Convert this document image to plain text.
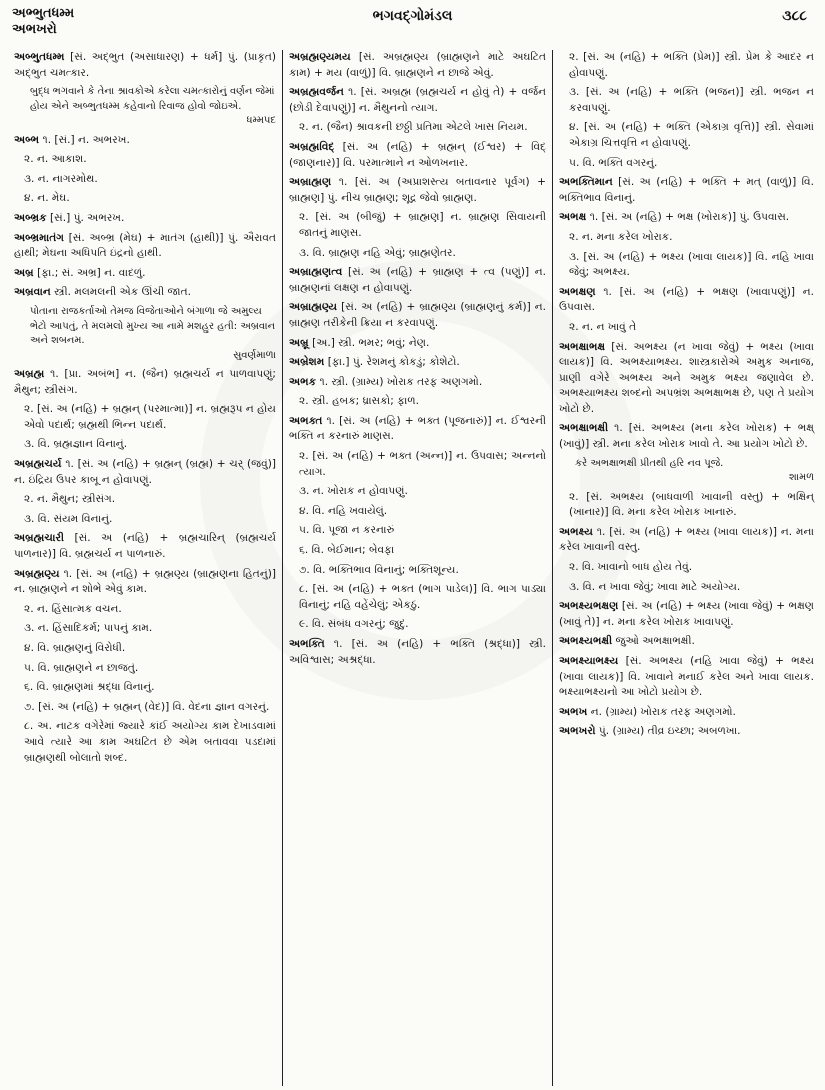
અભ્ભુતધમ્મ
અભખરો
ભગવદ્ગોમંડલ	૩૮૮
અબ્ભુતધમ્મ [સં. અદ્ભુત (અસાધારણ) + ધર્મ] પું. (પ્રાકૃત) અદ્ભુત ચમત્કાર.
બુદ્ધ ભગવાને કે તેના શ્રાવકોએ કરેલા ચમત્કારોનું વર્ણન જેમાં હોય એને અબ્ભુતધમ્મ કહેવાનો રિવાજ હોવો જોઇએ.
ધમ્મપદ
અબ્ભ ૧. [સં.] ન. અભરખ.
૨. ન. આકાશ.
૩. ન. નાગરમોથ.
૪. ન. મેઘ.
અબ્ભ્રક [સં.] પું. અભરખ.
અબ્ભ્રમાતંગ [સં. અબ્ભ્ર (મેઘ) + માતંગ (હાથી)] પું. ઐરાવત હાથી; મેઘના અધિપતિ ઇંદ્રનો હાથી.
અબ્ર [ફા.; સં. અભ્ર] ન. વાદળું.
અબ્રવાન સ્ત્રી. મલમલની એક ઊંચી જાત.
પોતાના રાજકર્તાઓ તેમજ વિજેતાઓને બંગાળા જે અમુલ્ય ભેટો આપતું, તે મલમલો મુખ્ય આ નામે મશહુર હતી: અબ્રવાન અને શબનમ.
સુવર્ણમાળા
અબ્રહ્મ ૧. [પ્રા. અબંભ] ન. (જૈન) બ્રહ્મચર્ય ન પાળવાપણું; મૈથુન; સ્ત્રીસંગ.
૨. [સં. અ (નહિ) + બ્રહ્મન્ (પરમાત્મા)] ન. બ્રહ્મરૂપ ન હોય એવો પદાર્થ; બ્રહ્મથી ભિન્ન પદાર્થ.
૩. વિ. બ્રહ્મજ્ઞાન વિનાનું.
અબ્રહ્મચર્ય ૧. [સં. અ (નહિ) + બ્રહ્મન્ (બ્રહ્મ) + ચર્ (જવું)] ન. ઇંદ્રિય ઉપર કાબૂ ન હોવાપણું.
૨. ન. મૈથુન; સ્ત્રીસંગ.
૩. વિ. સંયમ વિનાનું.
અબ્રહ્મચારી [સં. અ (નહિ) + બ્રહ્મચારિન્ (બ્રહ્મચર્ય પાળનાર)] વિ. બ્રહ્મચર્ય ન પાળનારું.
અબ્રહ્મણ્ય ૧. [સં. અ (નહિ) + બ્રહ્મણ્ય (બ્રાહ્મણના હિતનું)] ન. બ્રાહ્મણને ન શોભે એવું કામ.
૨. ન. હિંસાત્મક વચન.
૩. ન. હિંસાદિકર્મ; પાપનું કામ.
૪. વિ. બ્રાહ્મણનું વિરોધી.
૫. વિ. બ્રાહ્મણને ન છાજતું.
૬. વિ. બ્રાહ્મણમાં શ્રદ્ધા વિનાનું.
૭. [સં. અ (નહિ) + બ્રહ્મન્ (વેદ)] વિ. વેદના જ્ઞાન વગરનું.
૮. અ. નાટક વગેરેમાં જ્યારે કાંઈ અયોગ્ય કામ દેખાડવામાં આવે ત્યારે આ કામ અઘટિત છે એમ બતાવવા પડદામાં બ્રાહ્મણથી બોલાતો શબ્દ.
અબ્રહ્મણ્યમય [સં. અબ્રહ્મણ્ય (બ્રાહ્મણને માટે અઘટિત કામ) + મય (વાળું)] વિ. બ્રાહ્મણને ન છાજે એવું.
અબ્રહ્મવર્જન ૧. [સં. અબ્રહ્મ (બ્રહ્મચર્ય ન હોવું તે) + વર્જન (છોડી દેવાપણું)] ન. મૈથુનનો ત્યાગ.
૨. ન. (જૈન) શ્રાવકની છઠ્ઠી પ્રતિમા એટલે ખાસ નિયમ.
અબ્રહ્મવિદ્ [સં. અ (નહિ) + બ્રહ્મન્ (ઈશ્વર) + વિદ્ (જાણનાર)] વિ. પરમાત્માને ન ઓળખનાર.
અબ્રાહ્મણ ૧. [સં. અ (અપ્રાશસ્ત્ય બતાવનાર પૂર્વગ) + બ્રાહ્મણ] પું. નીચ બ્રાહ્મણ; શૂદ્ર જેવો બ્રાહ્મણ.
૨. [સં. અ (બીજું) + બ્રાહ્મણ] ન. બ્રાહ્મણ સિવાયની જાતનું માણસ.
૩. વિ. બ્રાહ્મણ નહિ એવું; બ્રાહ્મણેતર.
અબ્રાહ્મણત્વ [સં. અ (નહિ) + બ્રાહ્મણ + ત્વ (પણું)] ન. બ્રાહ્મણનાં લક્ષણ ન હોવાપણું.
અબ્રાહ્મણ્ય [સં. અ (નહિ) + બ્રાહ્મણ્ય (બ્રાહ્મણનું કર્મ)] ન. બ્રાહ્મણ તરીકેની ક્રિયા ન કરવાપણું.
અબ્રૂ [અ.] સ્ત્રી. ભમર; ભવું; નેણ.
અબ્રેશમ [ફા.] પું. રેશમનું કોકડું; કોશેટો.
અભક ૧. સ્ત્રી. (ગ્રામ્ય) ખોરાક તરફ અણગમો.
૨. સ્ત્રી. હબક; ધ્રાસકો; ફાળ.
અભક્ત ૧. [સં. અ (નહિ) + ભક્ત (પૂજનારું)] ન. ઈશ્વરની ભક્તિ ન કરનારું માણસ.
૨. [સં. અ (નહિ) + ભક્ત (અન્ન)] ન. ઉપવાસ; અન્નનો ત્યાગ.
૩. ન. ખોરાક ન હોવાપણું.
૪. વિ. નહિ ખવાયેલું.
૫. વિ. પૂજા ન કરનારું
૬. વિ. બેઈમાન; બેવફા
૭. વિ. ભક્તિભાવ વિનાનું; ભક્તિશૂન્ય.
૮. [સં. અ (નહિ) + ભક્ત (ભાગ પાડેલ)] વિ. ભાગ પાડ્યા વિનાનું; નહિ વહેંચેલું; એકઠું.
૯. વિ. સંબંધ વગરનું; જુદું.
અભક્તિ ૧. [સં. અ (નહિ) + ભક્તિ (શ્રદ્ધા)] સ્ત્રી. અવિશ્વાસ; અશ્રદ્ધા.
૨. [સં. અ (નહિ) + ભક્તિ (પ્રેમ)] સ્ત્રી. પ્રેમ કે આદર ન હોવાપણું.
૩. [સં. અ (નહિ) + ભક્તિ (ભજન)] સ્ત્રી. ભજન ન કરવાપણું.
૪. [સં. અ (નહિ) + ભક્તિ (એકાગ્ર વૃત્તિ)] સ્ત્રી. સેવામાં એકાગ્ર ચિત્તવૃત્તિ ન હોવાપણું.
૫. વિ. ભક્તિ વગરનું.
અભક્તિમાન [સં. અ (નહિ) + ભક્તિ + મત્ (વાળું)] વિ. ભક્તિભાવ વિનાનું.
અભક્ષ ૧. [સં. અ (નહિ) + ભક્ષ (ખોરાક)] પું. ઉપવાસ.
૨. ન. મના કરેલ ખોરાક.
૩. [સં. અ (નહિ) + ભક્ષ્ય (ખાવા લાયક)] વિ. નહિ ખાવા જેવું; અભક્ષ્ય.
અભક્ષણ ૧. [સં. અ (નહિ) + ભક્ષણ (ખાવાપણું)] ન. ઉપવાસ.
૨. ન. ન ખાવું તે
અભક્ષાભક્ષ [સં. અભક્ષ્ય (ન ખાવા જેવું) + ભક્ષ્ય (ખાવા લાયક)] વિ. અભક્ષ્યાભક્ષ્ય. શાસ્ત્રકારોએ અમુક અનાજ, પ્રાણી વગેરે અભક્ષ્ય અને અમુક ભક્ષ્ય જણાવેલ છે. અભક્ષ્યાભક્ષ્ય શબ્દનો અપભ્રંશ અભક્ષાભક્ષ છે, પણ તે પ્રયોગ ખોટો છે.
અભક્ષાભક્ષી ૧. [સં. અભક્ષ્ય (મના કરેલ ખોરાક) + ભક્ષ્ (ખાવું)] સ્ત્રી. મના કરેલ ખોરાક ખાવો તે. આ પ્રયોગ ખોટો છે.
કરે અભક્ષાભક્ષી પ્રીતથી હરિ નવ પૂજે.
શામળ
૨. [સં. અભક્ષ્ય (બાધવાળી ખાવાની વસ્તુ) + ભક્ષિન્ (ખાનાર)] વિ. મના કરેલ ખોરાક ખાનારું.
અભક્ષ્ય ૧. [સં. અ (નહિ) + ભક્ષ્ય (ખાવા લાયક)] ન. મના કરેલ ખાવાની વસ્તુ.
૨. વિ. ખાવાનો બાધ હોય તેવું.
૩. વિ. ન ખાવા જેવું; ખાવા માટે અયોગ્ય.
અભક્ષ્યભક્ષણ [સં. અ (નહિ) + ભક્ષ્ય (ખાવા જેવું) + ભક્ષણ (ખાવું તે)] ન. મના કરેલ ખોરાક ખાવાપણું.
અભક્ષ્યભક્ષી જુઓ અભક્ષાભક્ષી.
અભક્ષ્યાભક્ષ્ય [સં. અભક્ષ્ય (નહિ ખાવા જેવું) + ભક્ષ્ય (ખાવા લાયક)] વિ. ખાવાને મનાઈ કરેલ અને ખાવા લાયક. ભક્ષ્યાભક્ષ્યનો આ ખોટો પ્રયોગ છે.
અભખ ન. (ગ્રામ્ય) ખોરાક તરફ અણગમો.
અભખરો પું. (ગ્રામ્ય) તીવ્ર ઇચ્છા; અબળખા.
